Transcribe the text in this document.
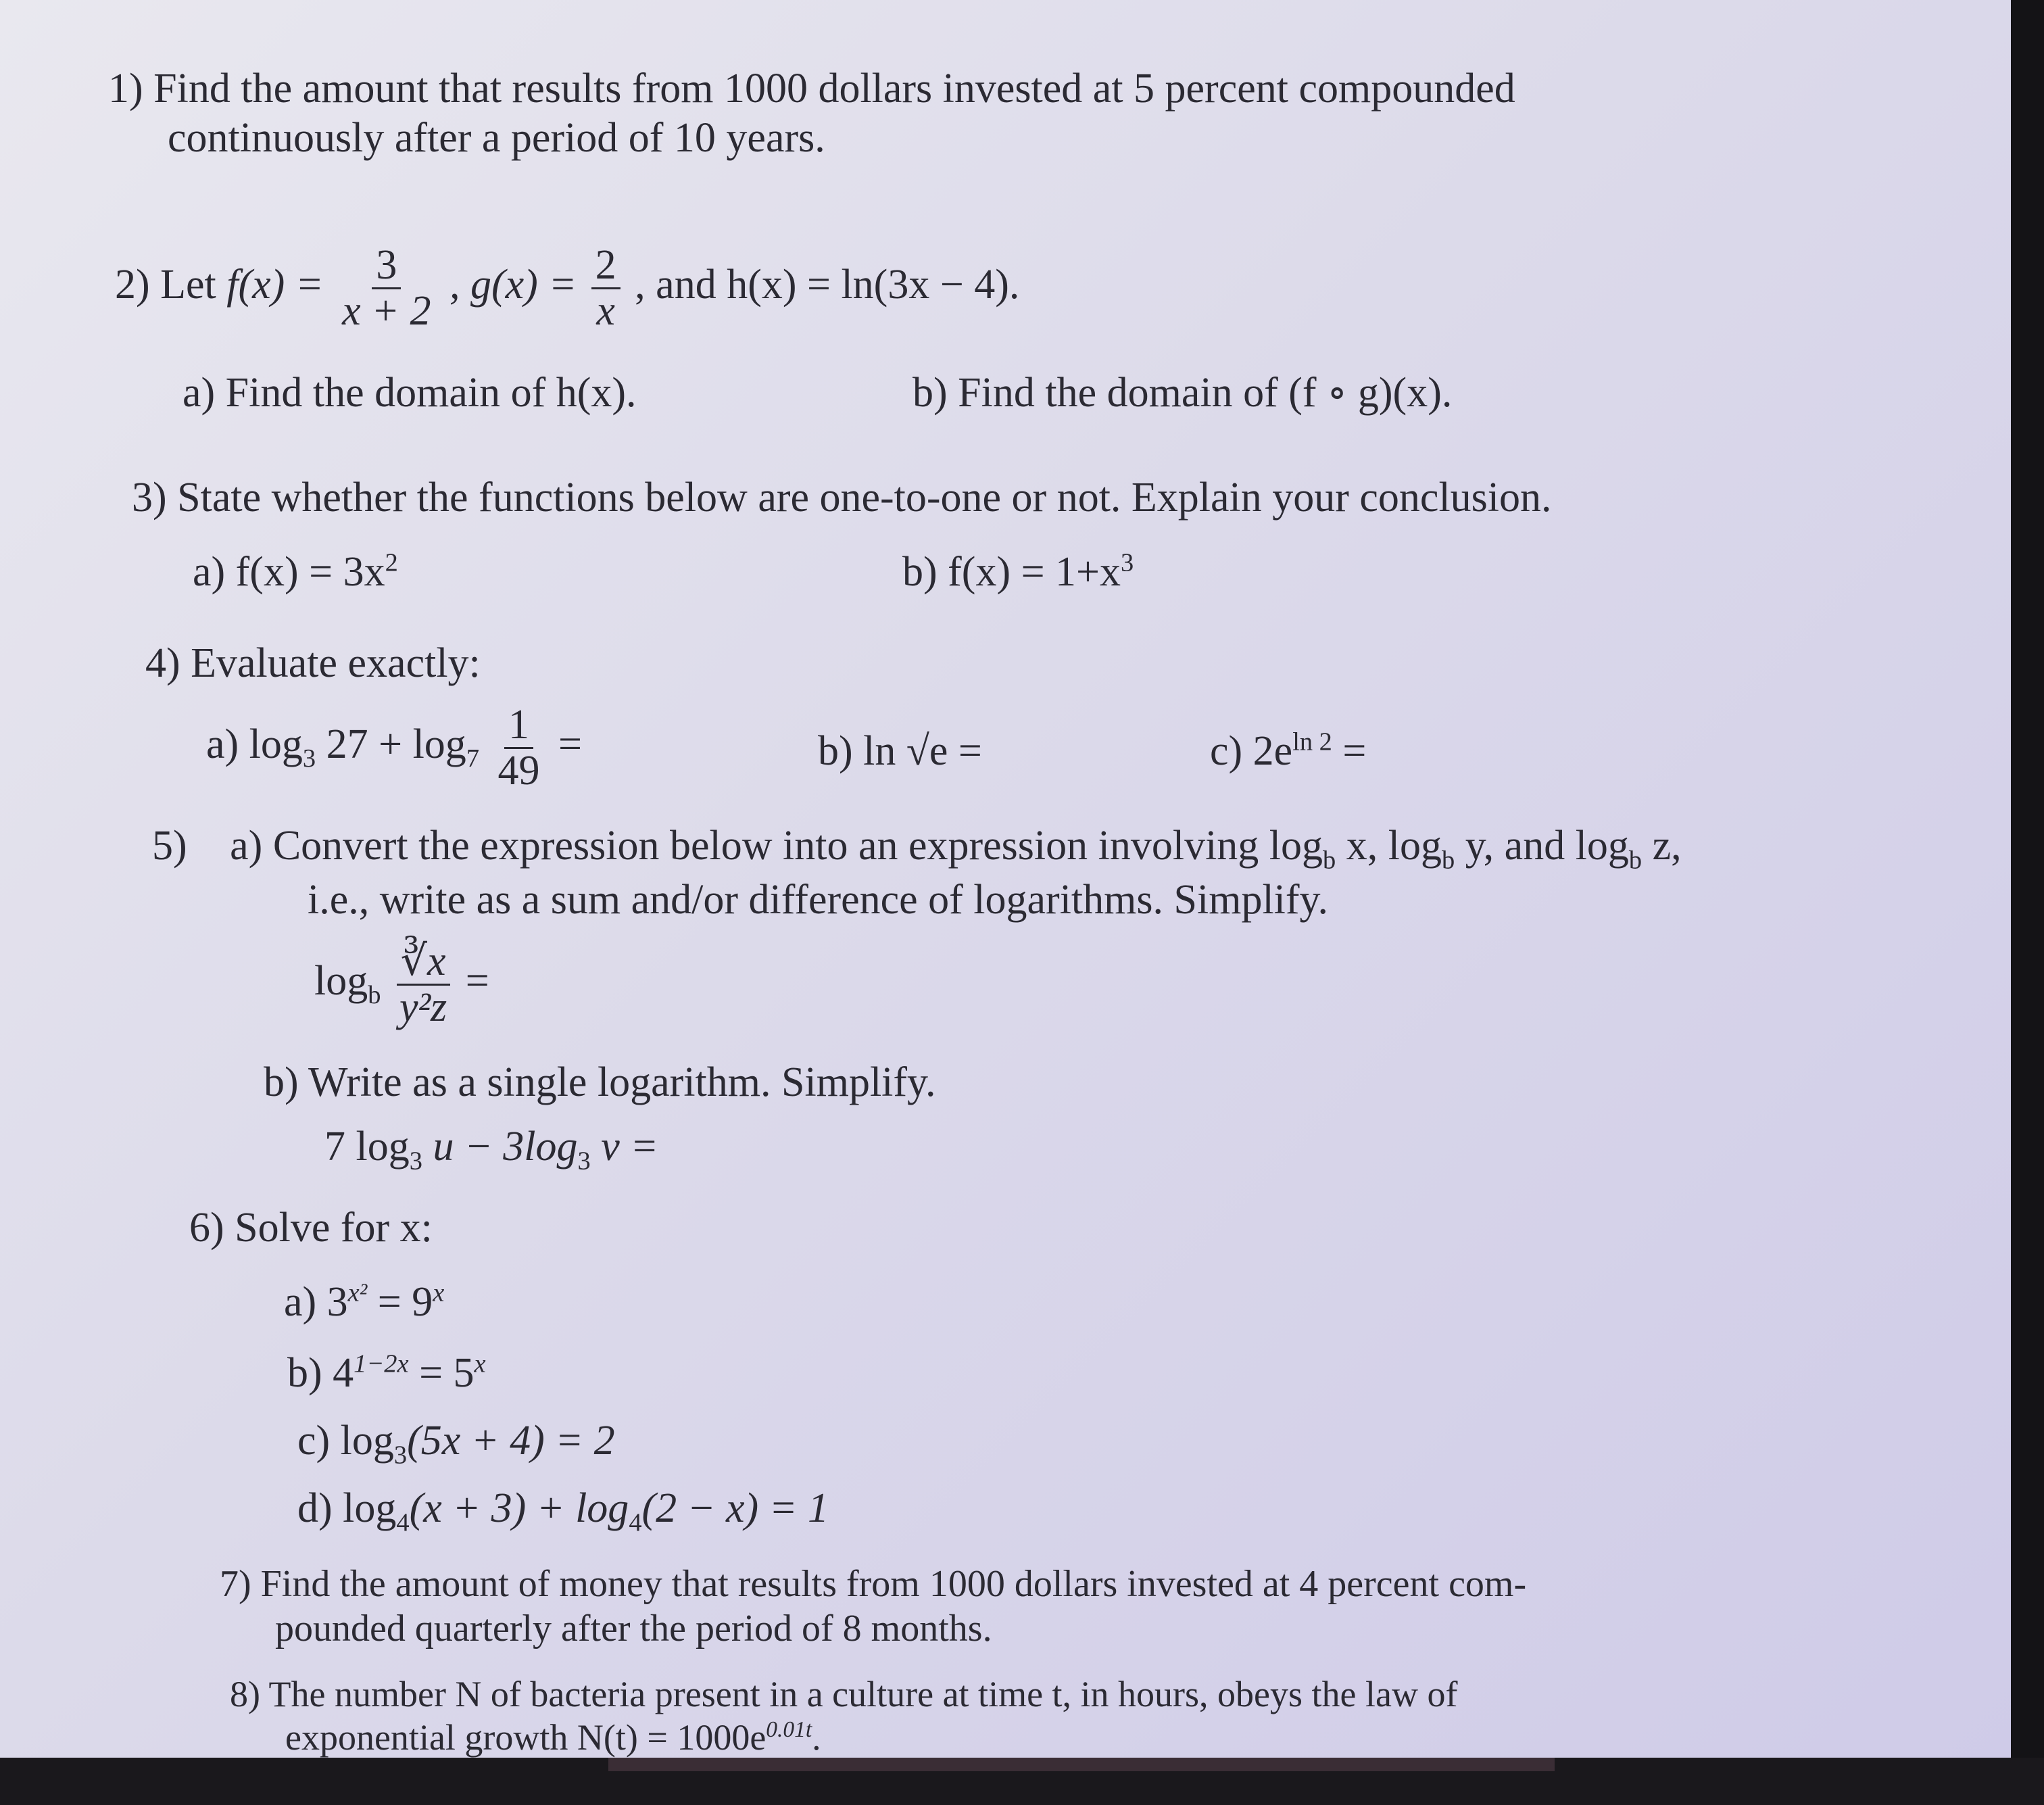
1) Find the amount that results from 1000 dollars invested at 5 percent compounded
continuously after a period of 10 years.
2) Let $f(x) = \frac{3}{x + 2}$ , $g(x) = \frac{2}{x}$ , and h(x) = ln(3x − 4).
a) Find the domain of h(x).	b) Find the domain of (f ∘ g)(x).
3) State whether the functions below are one-to-one or not. Explain your conclusion.
a) $f(x) = 3x^2$	b) $f(x) = 1+x^3$
4) Evaluate exactly:
a) $\log_3 27 + \log_7 \frac{1}{49}$ =	b) ln √e =	c) $2e^{ln 2}$ =
5) a) Convert the expression below into an expression involving $\log_b x$, $\log_b y$, and $\log_b z$,
i.e., write as a sum and/or difference of logarithms. Simplify.
$\log_b \frac{∛x}{\text{y²z}}$ =
b) Write as a single logarithm. Simplify.
7 $\log_3 u - 3\log_3$ v =
6) Solve for x:
a) $3^{x^2} = 9^x$
b) $4^{1-2x} = 5^x$
c) $\log_3(5x + 4) = 2$
d) $\log_4(x + 3) + \log_4(2 - x) = 1$
7) Find the amount of money that results from 1000 dollars invested at 4 percent com-
pounded quarterly after the period of 8 months.
8) The number N of bacteria present in a culture at time t, in hours, obeys the law of
exponential growth $N(t) = 1000e^{0.01t}$.
